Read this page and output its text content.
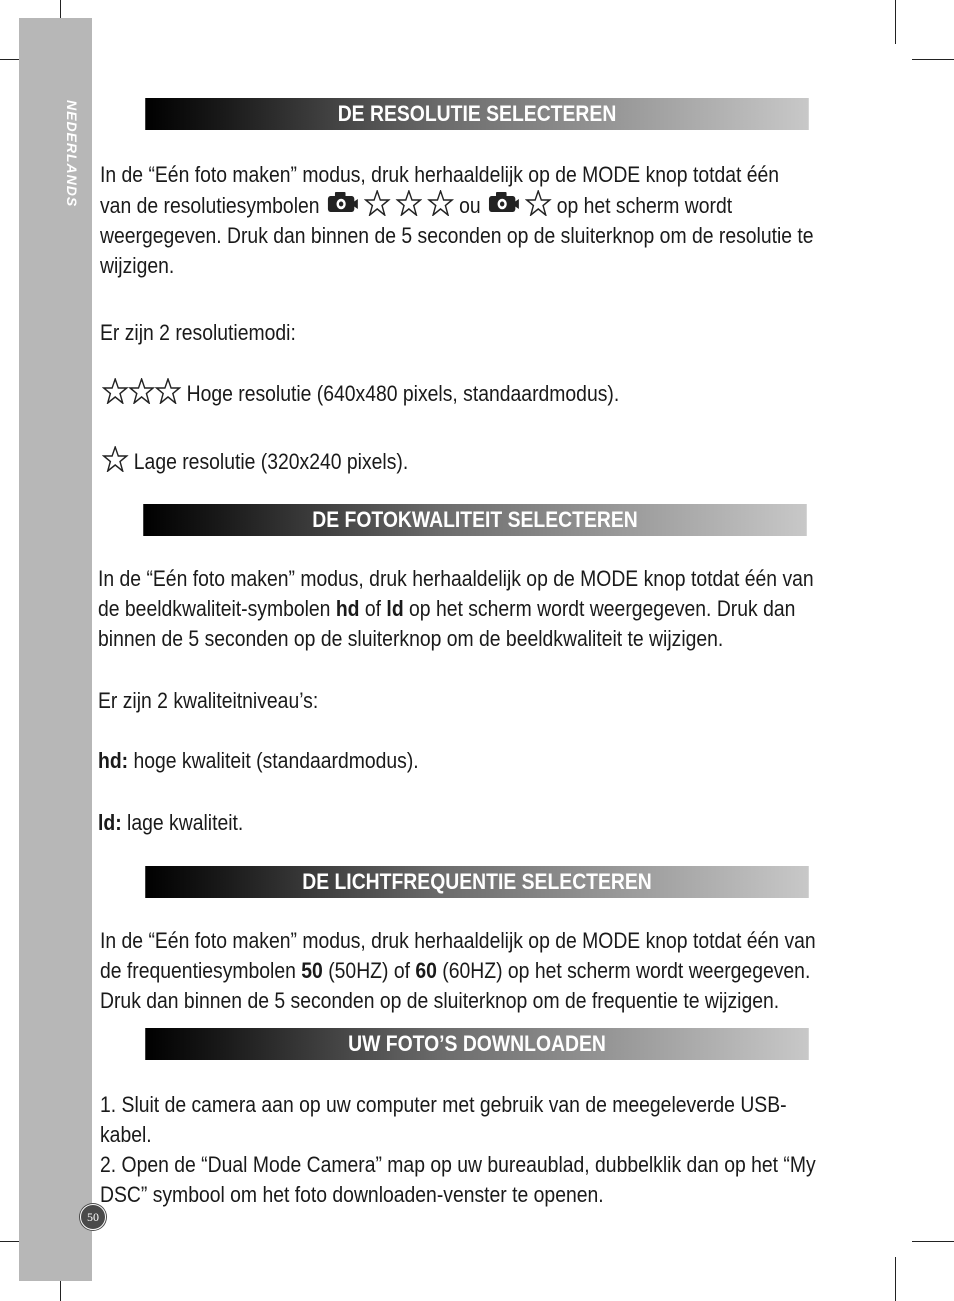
NEDERLANDS	DE RESOLUTIE SELECTEREN
In de “Eén foto maken” modus, druk herhaaldelijk op de MODE knop totdat één
van de resolutiesymbolen	ou	op het scherm wordt
weergegeven. Druk dan binnen de 5 seconden op de sluiterknop om de resolutie te
wijzigen.
Er zijn 2 resolutiemodi:
Hoge resolutie (640x480 pixels, standaardmodus).
Lage resolutie (320x240 pixels).
DE FOTOKWALITEIT SELECTEREN
In de “Eén foto maken” modus, druk herhaaldelijk op de MODE knop totdat één van
de beeldkwaliteit-symbolen hd of ld op het scherm wordt weergegeven. Druk dan
binnen de 5 seconden op de sluiterknop om de beeldkwaliteit te wijzigen.
Er zijn 2 kwaliteitniveau’s:
hd: hoge kwaliteit (standaardmodus).
ld: lage kwaliteit.
DE LICHTFREQUENTIE SELECTEREN
In de “Eén foto maken” modus, druk herhaaldelijk op de MODE knop totdat één van
de frequentiesymbolen 50 (50HZ) of 60 (60HZ) op het scherm wordt weergegeven.
Druk dan binnen de 5 seconden op de sluiterknop om de frequentie te wijzigen.
UW FOTO’S DOWNLOADEN
1. Sluit de camera aan op uw computer met gebruik van de meegeleverde USB-
kabel.
2. Open de “Dual Mode Camera” map op uw bureaublad, dubbelklik dan op het “My
DSC” symbool om het foto downloaden-venster te openen.
50
